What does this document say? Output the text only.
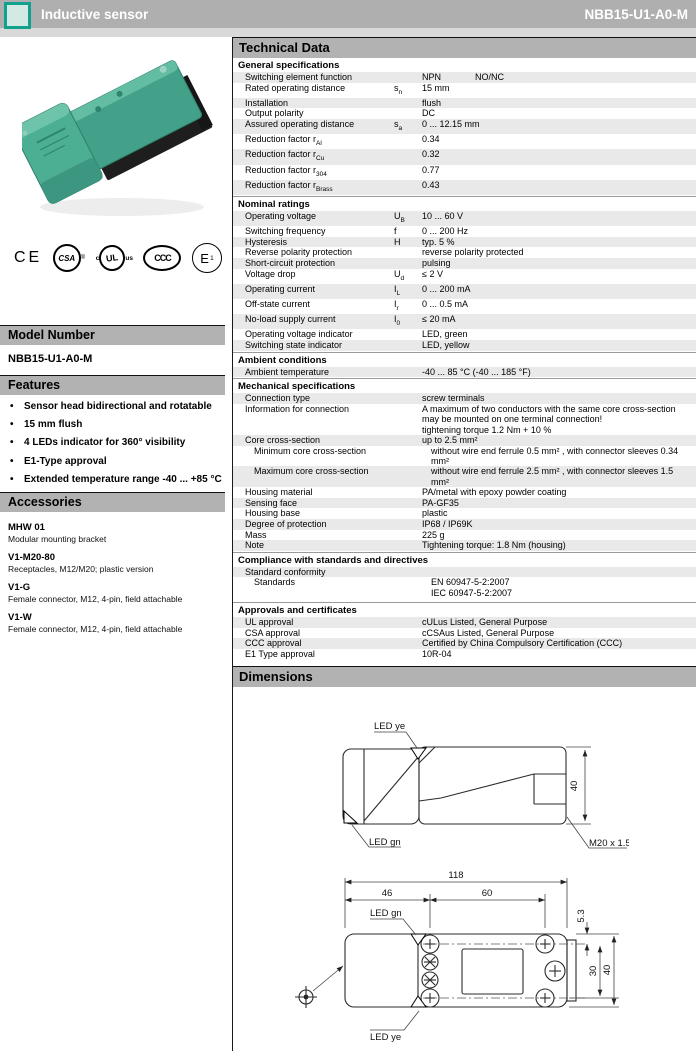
Inductive sensor	NBB15-U1-A0-M
CE CSA ® c UL us CCC E
  1
Model Number
NBB15-U1-A0-M
Features
•	Sensor head bidirectional and rotatable
•	15 mm flush
•	4 LEDs indicator for 360° visibility
•	E1-Type approval
•	Extended temperature range -40 ... +85 °C
Accessories
MHW 01
Modular mounting bracket
V1-M20-80
Receptacles, M12/M20; plastic version
V1-G
Female connector, M12, 4-pin, field attachable
V1-W
Female connector, M12, 4-pin, field attachable
Technical Data
General specifications
Switching element function	NPN	NO/NC
Rated operating distance	$s_n$	15 mm
Installation	flush
Output polarity	DC
Assured operating distance	$s_a$	0 ... 12.15 mm
Reduction factor $r_{Al}$	0.34
Reduction factor $r_{Cu}$	0.32
Reduction factor $r_{304}$	0.77
Reduction factor $r_{Brass}$	0.43
Nominal ratings
Operating voltage	$U_B$	10 ... 60 V
Switching frequency	f	0 ... 200 Hz
Hysteresis	H	typ. 5 %
Reverse polarity protection	reverse polarity protected
Short-circuit protection	pulsing
Voltage drop	$U_d$	≤ 2 V
Operating current	$I_L$	0 ... 200 mA
Off-state current	$I_r$	0 ... 0.5 mA
No-load supply current	$I_0$	≤ 20 mA
Operating voltage indicator	LED, green
Switching state indicator	LED, yellow
Ambient conditions
Ambient temperature	-40 ... 85 °C (-40 ... 185 °F)
Mechanical specifications
Connection type	screw terminals
Information for connection	A maximum of two conductors with the same core cross-section
may be mounted on one terminal connection!
tightening torque 1.2 Nm + 10 %
Core cross-section	up to 2.5 mm²
Minimum core cross-section	without wire end ferrule 0.5 mm² , with connector sleeves 0.34 mm²
Maximum core cross-section	without wire end ferrule 2.5 mm² , with connector sleeves 1.5 mm²
Housing material	PA/metal with epoxy powder coating
Sensing face	PA-GF35
Housing base	plastic
Degree of protection	IP68 / IP69K
Mass	225 g
Note	Tightening torque: 1.8 Nm (housing)
Compliance with standards and directives
Standard conformity
Standards	EN 60947-5-2:2007
IEC 60947-5-2:2007
Approvals and certificates
UL approval	cULus Listed, General Purpose
CSA approval	cCSAus Listed, General Purpose
CCC approval	Certified by China Compulsory Certification (CCC)
E1 Type approval	10R-04
Dimensions
40
LED ye
LED gn	M20 x 1.5
118
46	60
5.3
30 40
LED gn
LED ye
